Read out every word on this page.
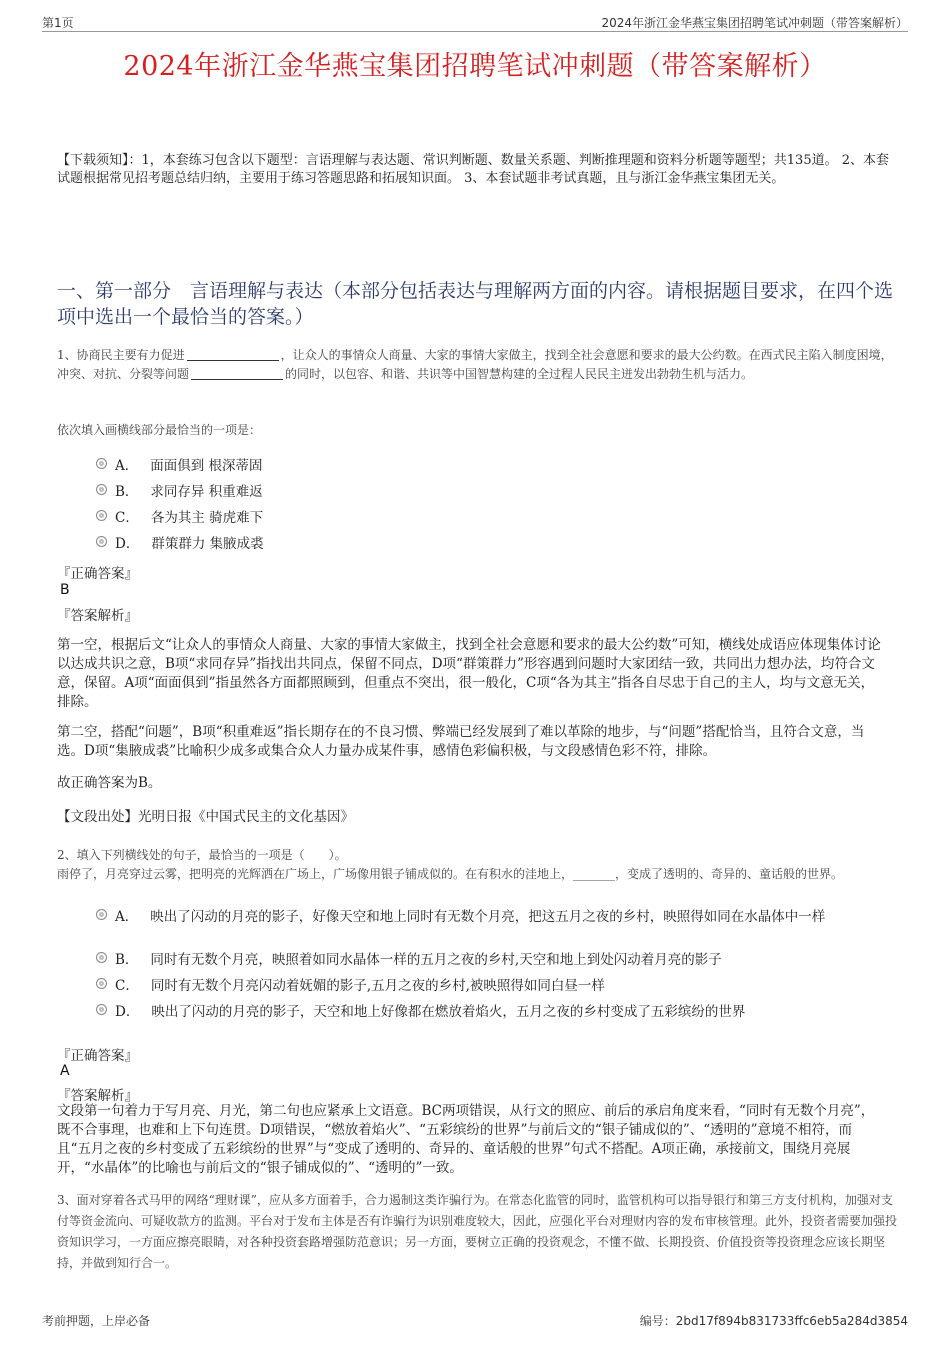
第1页	2024年浙江金华燕宝集团招聘笔试冲刺题（带答案解析）
2024年浙江金华燕宝集团招聘笔试冲刺题（带答案解析）
【下载须知】：1，本套练习包含以下题型：言语理解与表达题、常识判断题、数量关系题、判断推理题和资料分析题等题型；共135道。 2、本套试题根据常见招考题总结归纳，主要用于练习答题思路和拓展知识面。 3、本套试题非考试真题，且与浙江金华燕宝集团无关。
一、第一部分　言语理解与表达（本部分包括表达与理解两方面的内容。请根据题目要求，在四个选项中选出一个最恰当的答案。）
1、协商民主要有力促进	，让众人的事情众人商量、大家的事情大家做主，找到全社会意愿和要求的最大公约数。在西式民主陷入制度困境，冲突、对抗、分裂等问题	的同时，以包容、和谐、共识等中国智慧构建的全过程人民民主迸发出勃勃生机与活力。
依次填入画横线部分最恰当的一项是：
A． 面面俱到 根深蒂固
B． 求同存异 积重难返
C． 各为其主 骑虎难下
D． 群策群力 集腋成裘
『正确答案』
B
『答案解析』
第一空，根据后文“让众人的事情众人商量、大家的事情大家做主，找到全社会意愿和要求的最大公约数”可知，横线处成语应体现集体讨论以达成共识之意，B项“求同存异”指找出共同点，保留不同点，D项“群策群力”形容遇到问题时大家团结一致，共同出力想办法，均符合文意，保留。A项“面面俱到”指虽然各方面都照顾到，但重点不突出，很一般化，C项“各为其主”指各自尽忠于自己的主人，均与文意无关，排除。
第二空，搭配“问题”，B项“积重难返”指长期存在的不良习惯、弊端已经发展到了难以革除的地步，与“问题”搭配恰当，且符合文意，当选。D项“集腋成裘”比喻积少成多或集合众人力量办成某件事，感情色彩偏积极，与文段感情色彩不符，排除。
故正确答案为B。
【文段出处】光明日报《中国式民主的文化基因》
2、填入下列横线处的句子，最恰当的一项是（　　）。
雨停了，月亮穿过云雾，把明亮的光辉洒在广场上，广场像用银子铺成似的。在有积水的洼地上，_______，变成了透明的、奇异的、童话般的世界。
A． 映出了闪动的月亮的影子，好像天空和地上同时有无数个月亮，把这五月之夜的乡村，映照得如同在水晶体中一样
B． 同时有无数个月亮，映照着如同水晶体一样的五月之夜的乡村,天空和地上到处闪动着月亮的影子
C． 同时有无数个月亮闪动着妩媚的影子,五月之夜的乡村,被映照得如同白昼一样
D． 映出了闪动的月亮的影子，天空和地上好像都在燃放着焰火，五月之夜的乡村变成了五彩缤纷的世界
『正确答案』
A
『答案解析』
文段第一句着力于写月亮、月光，第二句也应紧承上文语意。BC两项错误，从行文的照应、前后的承启角度来看，“同时有无数个月亮”，既不合事理，也难和上下句连贯。D项错误，“燃放着焰火”、“五彩缤纷的世界”与前后文的“银子铺成似的”、“透明的”意境不相符，而且“五月之夜的乡村变成了五彩缤纷的世界”与“变成了透明的、奇异的、童话般的世界”句式不搭配。A项正确，承接前文，围绕月亮展开，“水晶体”的比喻也与前后文的“银子铺成似的”、“透明的”一致。
3、面对穿着各式马甲的网络“理财课”，应从多方面着手，合力遏制这类诈骗行为。在常态化监管的同时，监管机构可以指导银行和第三方支付机构，加强对支付等资金流向、可疑收款方的监测。平台对于发布主体是否有诈骗行为识别难度较大，因此，应强化平台对理财内容的发布审核管理。此外，投资者需要加强投资知识学习，一方面应擦亮眼睛，对各种投资套路增强防范意识；另一方面，要树立正确的投资观念，不懂不做、长期投资、价值投资等投资理念应该长期坚持，并做到知行合一。
考前押题，上岸必备	编号：2bd17f894b831733ffc6eb5a284d3854
